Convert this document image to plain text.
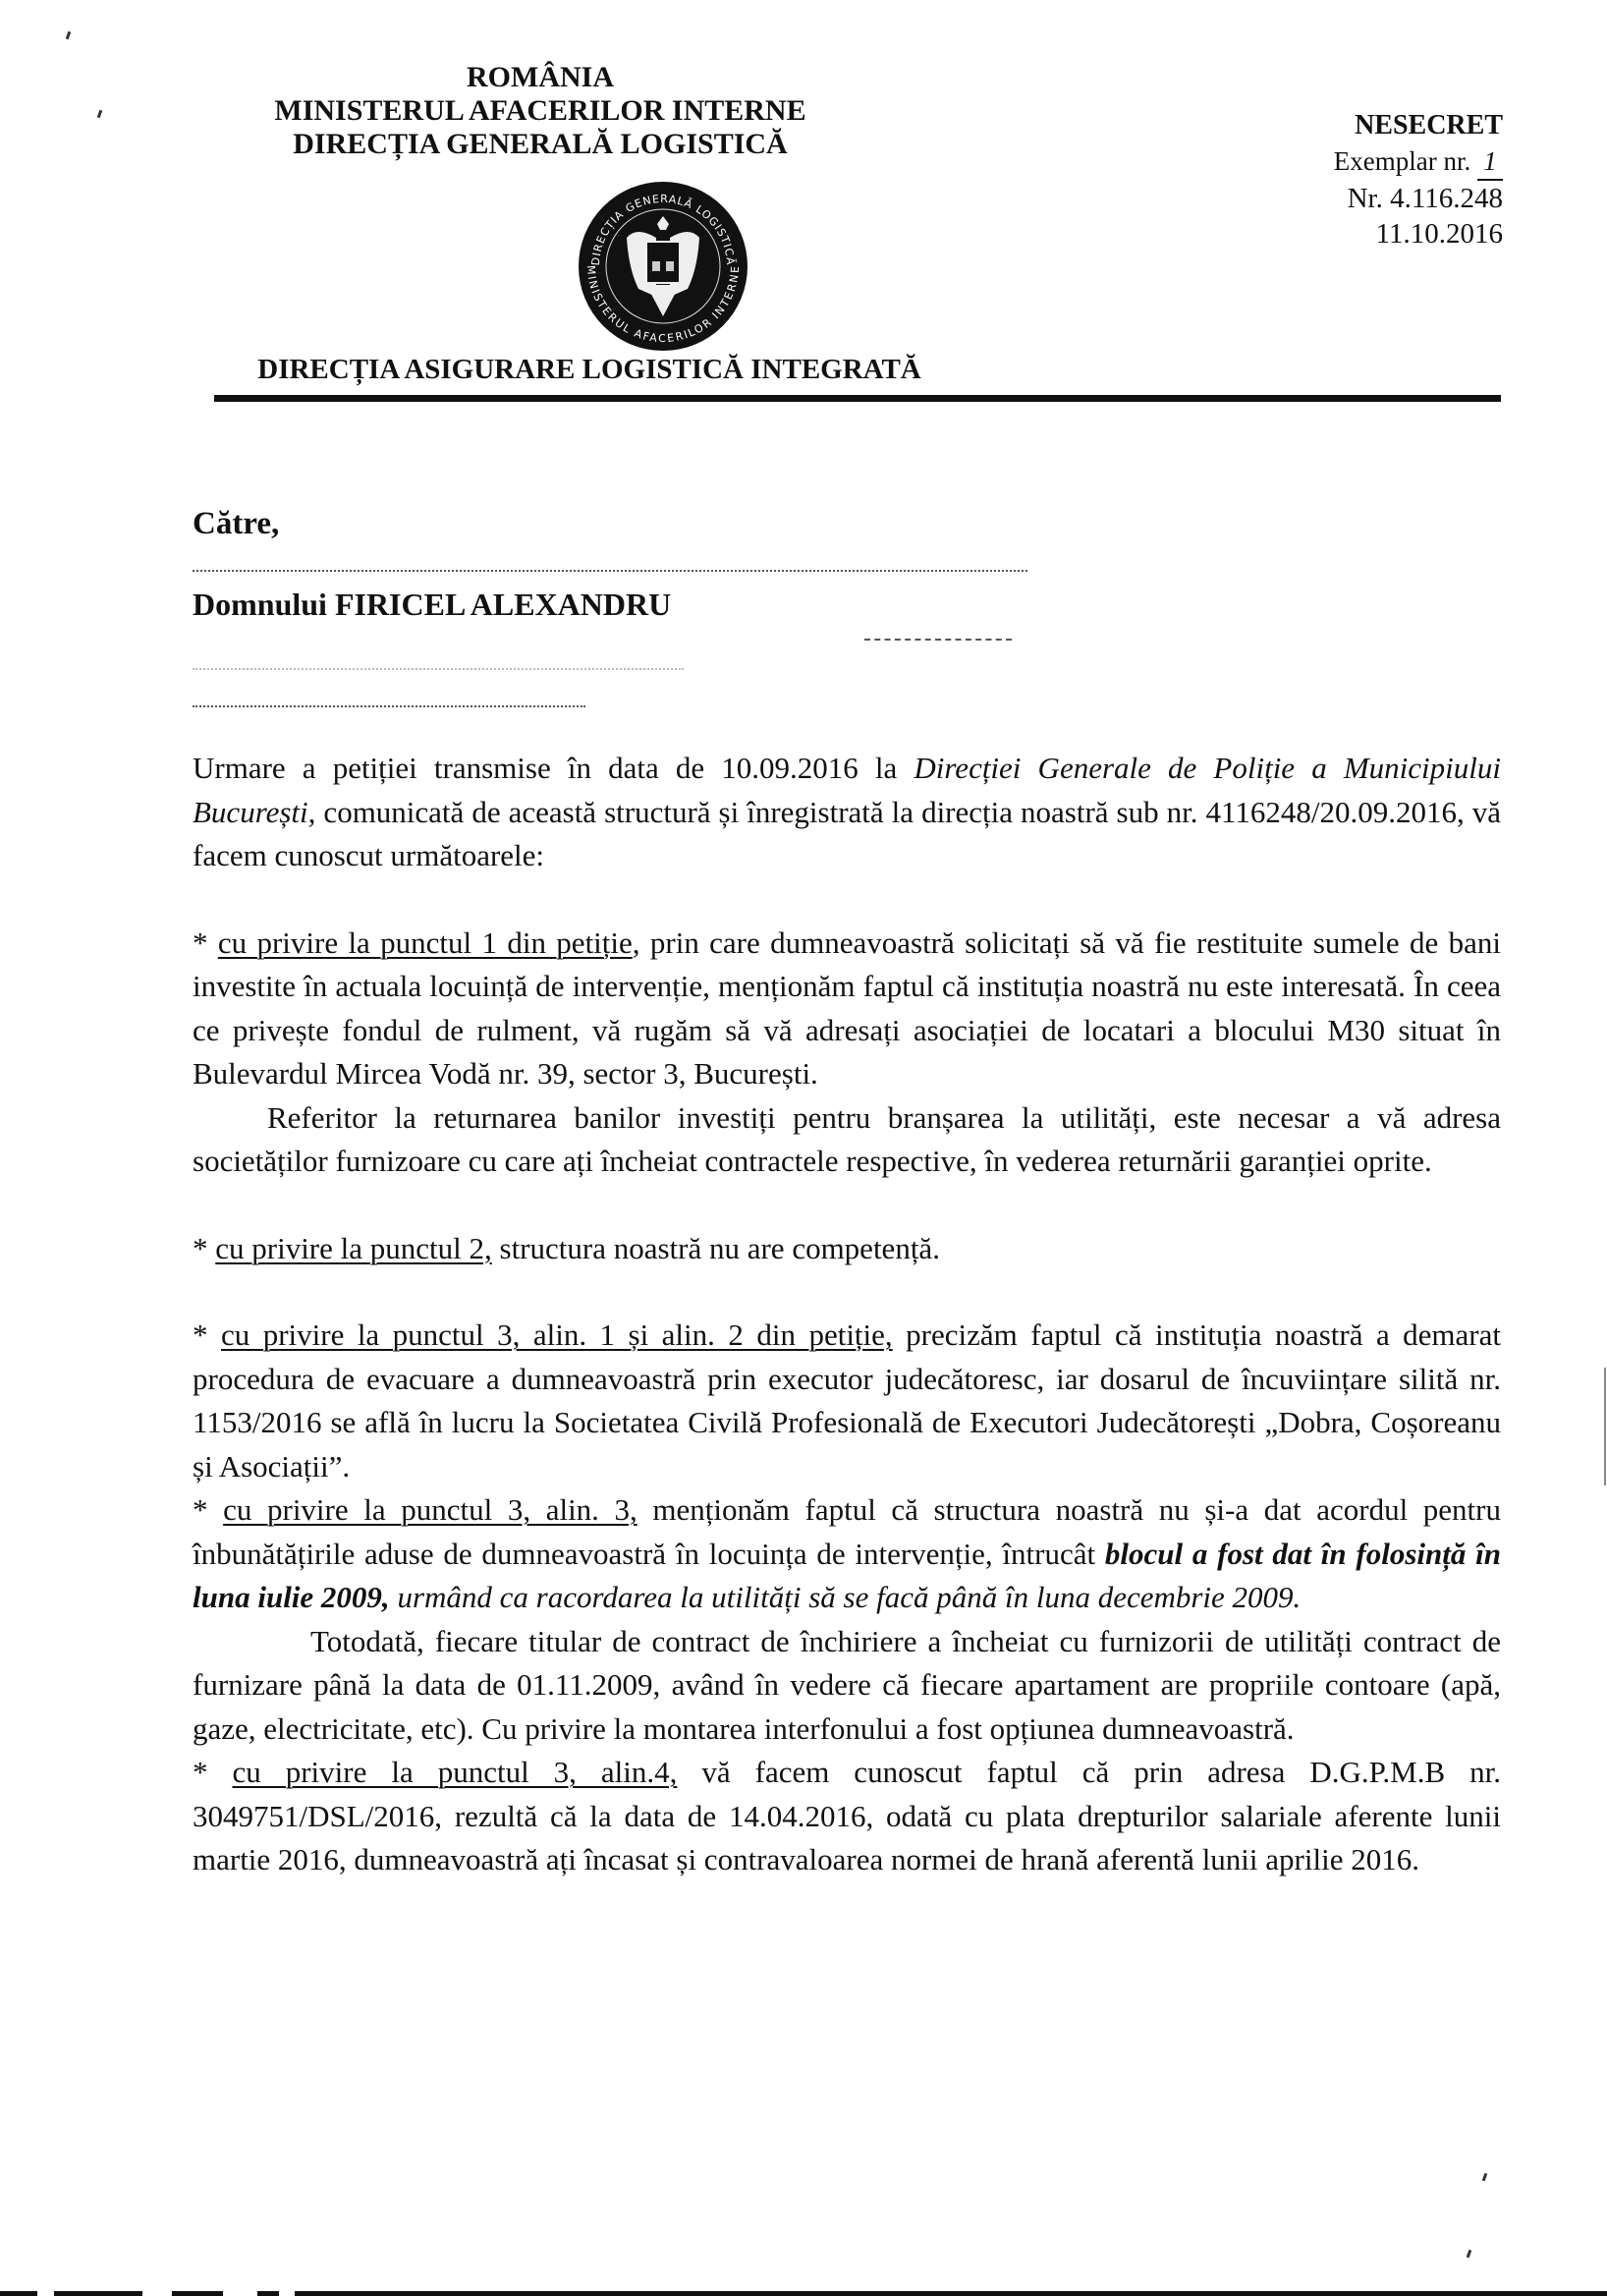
ROMÂNIA
MINISTERUL AFACERILOR INTERNE
DIRECȚIA GENERALĂ LOGISTICĂ
DIRECȚIA GENERALĂ LOGISTICĂ
MINISTERUL AFACERILOR INTERNE
NESECRET
Exemplar nr. 1
Nr. 4.116.248
11.10.2016
DIRECȚIA ASIGURARE LOGISTICĂ INTEGRATĂ
Către,
Domnului FIRICEL ALEXANDRU

Urmare a petiției transmise în data de 10.09.2016 la Direcției Generale de Poliție a Municipiului București, comunicată de această structură și înregistrată la direcția noastră sub nr. 4116248/20.09.2016, vă facem cunoscut următoarele:

* cu privire la punctul 1 din petiție, prin care dumneavoastră solicitați să vă fie restituite sumele de bani investite în actuala locuință de intervenție, menționăm faptul că instituția noastră nu este interesată. În ceea ce privește fondul de rulment, vă rugăm să vă adresați asociației de locatari a blocului M30 situat în Bulevardul Mircea Vodă nr. 39, sector 3, București.

Referitor la returnarea banilor investiți pentru branșarea la utilități, este necesar a vă adresa societăților furnizoare cu care ați încheiat contractele respective, în vederea returnării garanției oprite.

* cu privire la punctul 2, structura noastră nu are competență.

* cu privire la punctul 3, alin. 1 și alin. 2 din petiție, precizăm faptul că instituția noastră a demarat procedura de evacuare a dumneavoastră prin executor judecătoresc, iar dosarul de încuviințare silită nr. 1153/2016 se află în lucru la Societatea Civilă Profesională de Executori Judecătorești „Dobra, Coșoreanu și Asociații”.

* cu privire la punctul 3, alin. 3, menționăm faptul că structura noastră nu și-a dat acordul pentru înbunătățirile aduse de dumneavoastră în locuința de intervenție, întrucât blocul a fost dat în folosință în luna iulie 2009, urmând ca racordarea la utilități să se facă până în luna decembrie 2009.

Totodată, fiecare titular de contract de închiriere a încheiat cu furnizorii de utilități contract de furnizare până la data de 01.11.2009, având în vedere că fiecare apartament are propriile contoare (apă, gaze, electricitate, etc). Cu privire la montarea interfonului a fost opțiunea dumneavoastră.

* cu privire la punctul 3, alin.4, vă facem cunoscut faptul că prin adresa D.G.P.M.B nr. 3049751/DSL/2016, rezultă că la data de 14.04.2016, odată cu plata drepturilor salariale aferente lunii martie 2016, dumneavoastră ați încasat și contravaloarea normei de hrană aferentă lunii aprilie 2016.
